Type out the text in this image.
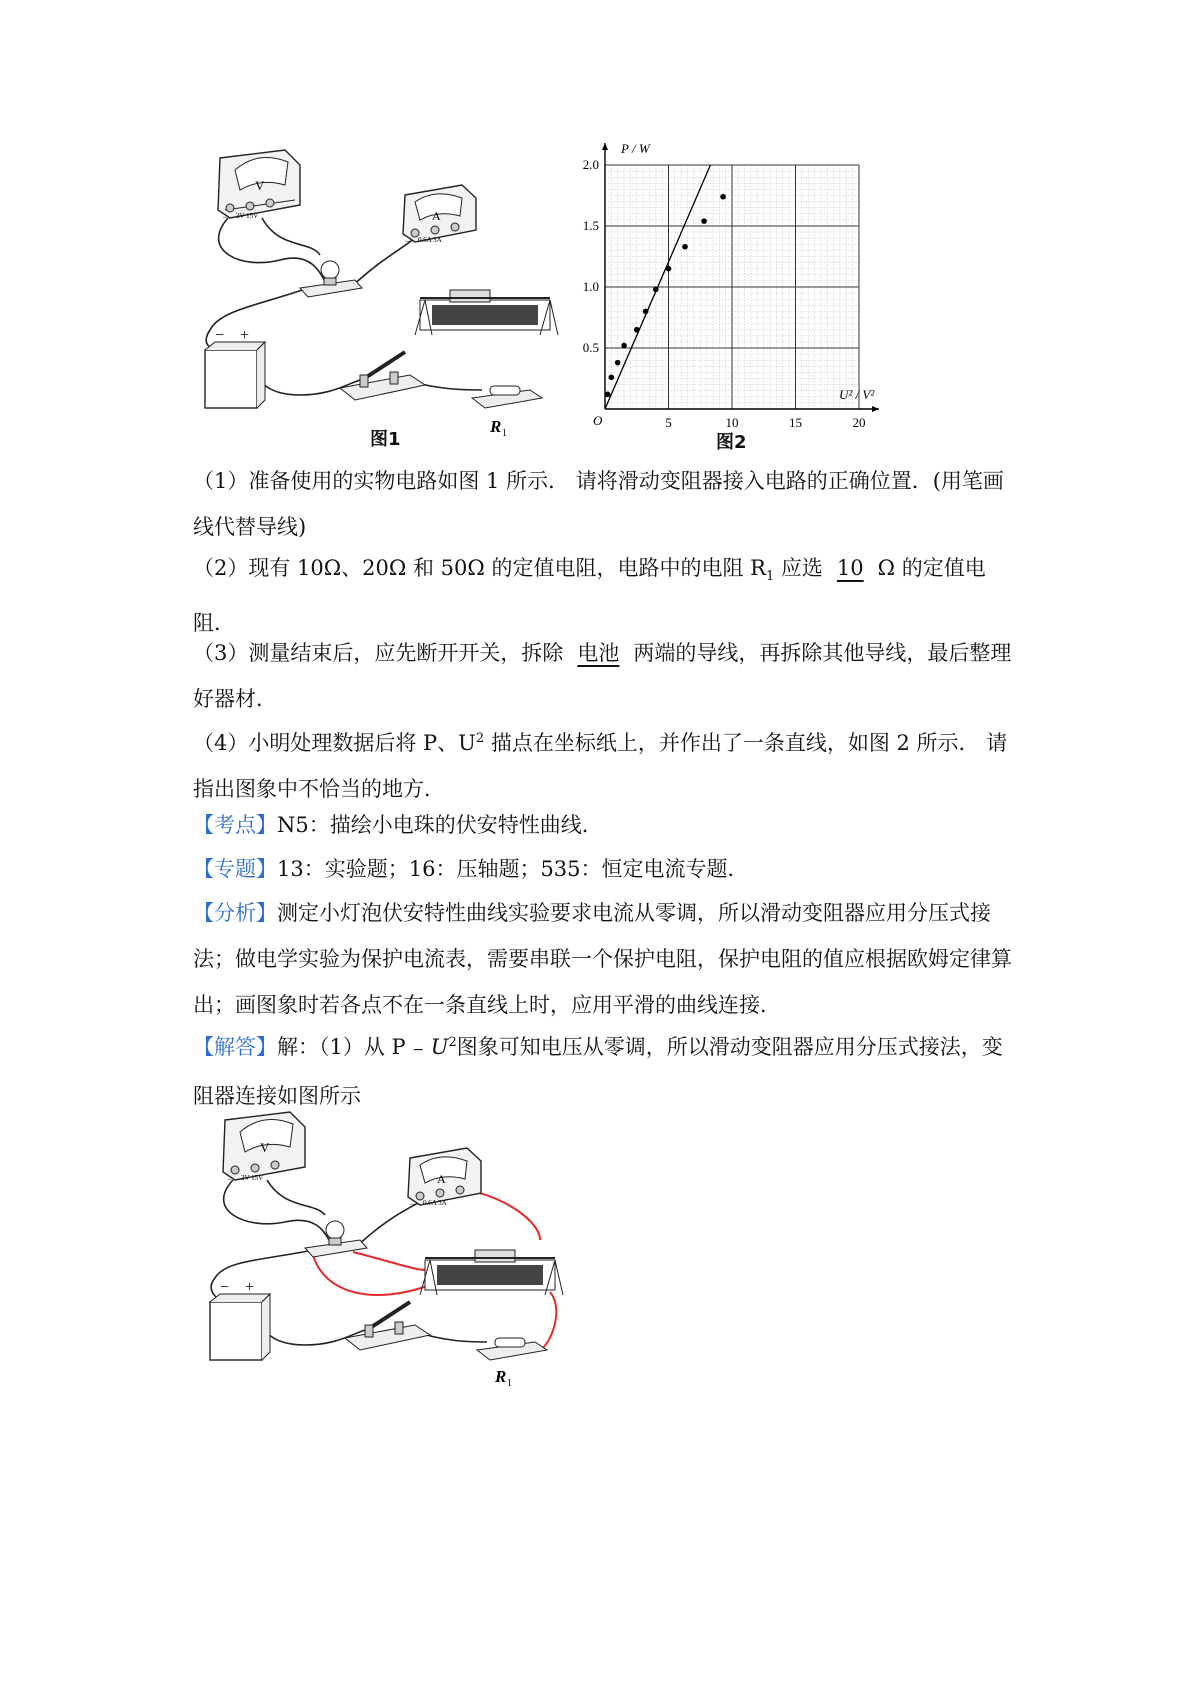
V
− 3V 15V	A
− 0.6A 3A
− +
R 1
图1
5	10	15	20
0.5
1.0
1.5
2.0
O
P / W
U² / V²
图2
（1）准备使用的实物电路如图 1 所示． 请将滑动变阻器接入电路的正确位置．(用笔画线代替导线)
（2）现有 10Ω、20Ω 和 50Ω 的定值电阻，电路中的电阻 $R_1$ 应选 10 Ω 的定值电阻．
（3）测量结束后，应先断开开关，拆除 电池 两端的导线，再拆除其他导线，最后整理好器材．
（4）小明处理数据后将 P、$U^2$ 描点在坐标纸上，并作出了一条直线，如图 2 所示． 请指出图象中不恰当的地方．
【考点】N5：描绘小电珠的伏安特性曲线．
【专题】13：实验题；16：压轴题；535：恒定电流专题．
【分析】测定小灯泡伏安特性曲线实验要求电流从零调，所以滑动变阻器应用分压式接法；做电学实验为保护电流表，需要串联一个保护电阻，保护电阻的值应根据欧姆定律算出；画图象时若各点不在一条直线上时，应用平滑的曲线连接．
【解答】解：（1）从 $P - U^2$图象可知电压从零调，所以滑动变阻器应用分压式接法，变阻器连接如图所示
V
− 3V 15V	A
− 0.6A 3A
− +
R 1
